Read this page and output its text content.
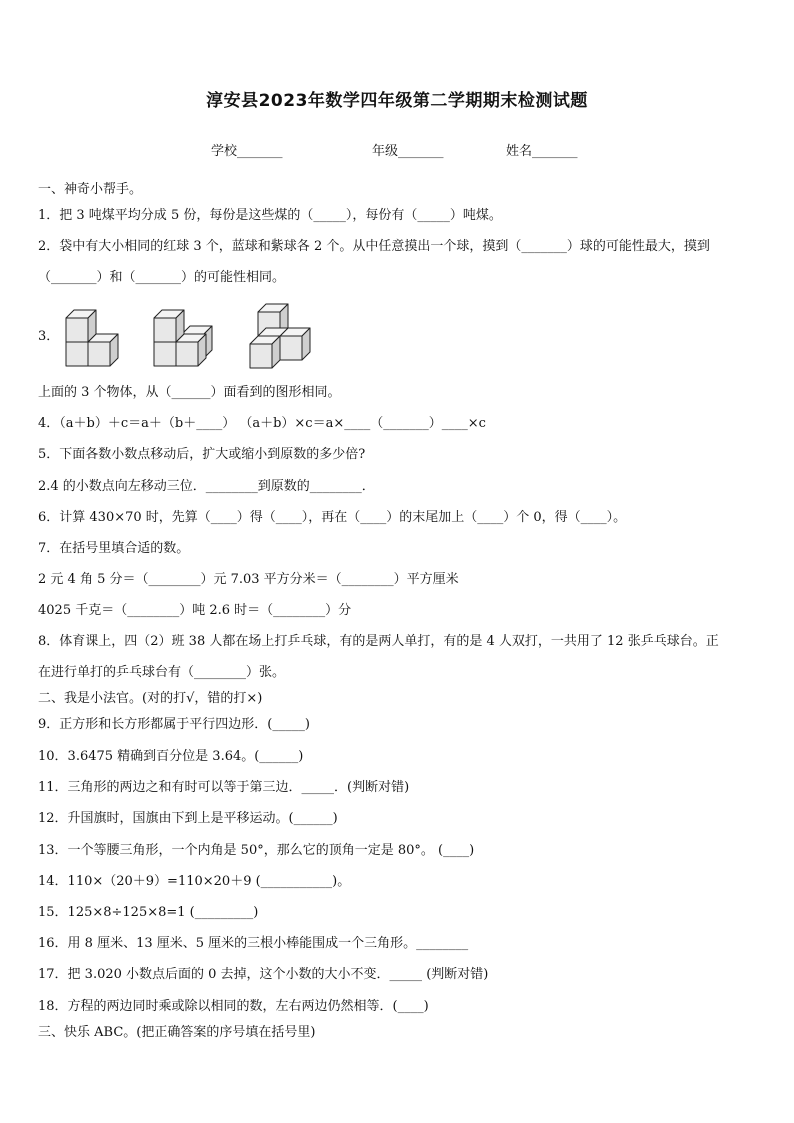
淳安县2023年数学四年级第二学期期末检测试题
学校_______	年级_______	姓名_______
一、神奇小帮手。
1．把 3 吨煤平均分成 5 份，每份是这些煤的（_____），每份有（_____）吨煤。
2．袋中有大小相同的红球 3 个，蓝球和紫球各 2 个。从中任意摸出一个球，摸到（_______）球的可能性最大，摸到
（_______）和（_______）的可能性相同。
3．
上面的 3 个物体，从（______）面看到的图形相同。
4．（a＋b）＋c＝a＋（b＋____） （a＋b）×c＝a×____（_______）____×c
5．下面各数小数点移动后，扩大或缩小到原数的多少倍?
2.4 的小数点向左移动三位．________到原数的________．
6．计算 430×70 时，先算（____）得（____），再在（____）的末尾加上（____）个 0，得（____）。
7．在括号里填合适的数。
2 元 4 角 5 分＝（________）元 7.03 平方分米＝（________）平方厘米
4025 千克＝（________）吨 2.6 时＝（________）分
8．体育课上，四（2）班 38 人都在场上打乒乓球，有的是两人单打，有的是 4 人双打，一共用了 12 张乒乓球台。正
在进行单打的乒乓球台有（________）张。
二、我是小法官。(对的打√，错的打×)
9．正方形和长方形都属于平行四边形．(_____)
10．3.6475 精确到百分位是 3.64。(______)
11．三角形的两边之和有时可以等于第三边．_____．(判断对错)
12．升国旗时，国旗由下到上是平移运动。(______)
13．一个等腰三角形，一个内角是 50°，那么它的顶角一定是 80°。 (____)
14．110×（20＋9）=110×20＋9 (___________)。
15．125×8÷125×8=1 (_________)
16．用 8 厘米、13 厘米、5 厘米的三根小棒能围成一个三角形。________
17．把 3.020 小数点后面的 0 去掉，这个小数的大小不变．_____ (判断对错)
18．方程的两边同时乘或除以相同的数，左右两边仍然相等．(____)
三、快乐 ABC。(把正确答案的序号填在括号里)
